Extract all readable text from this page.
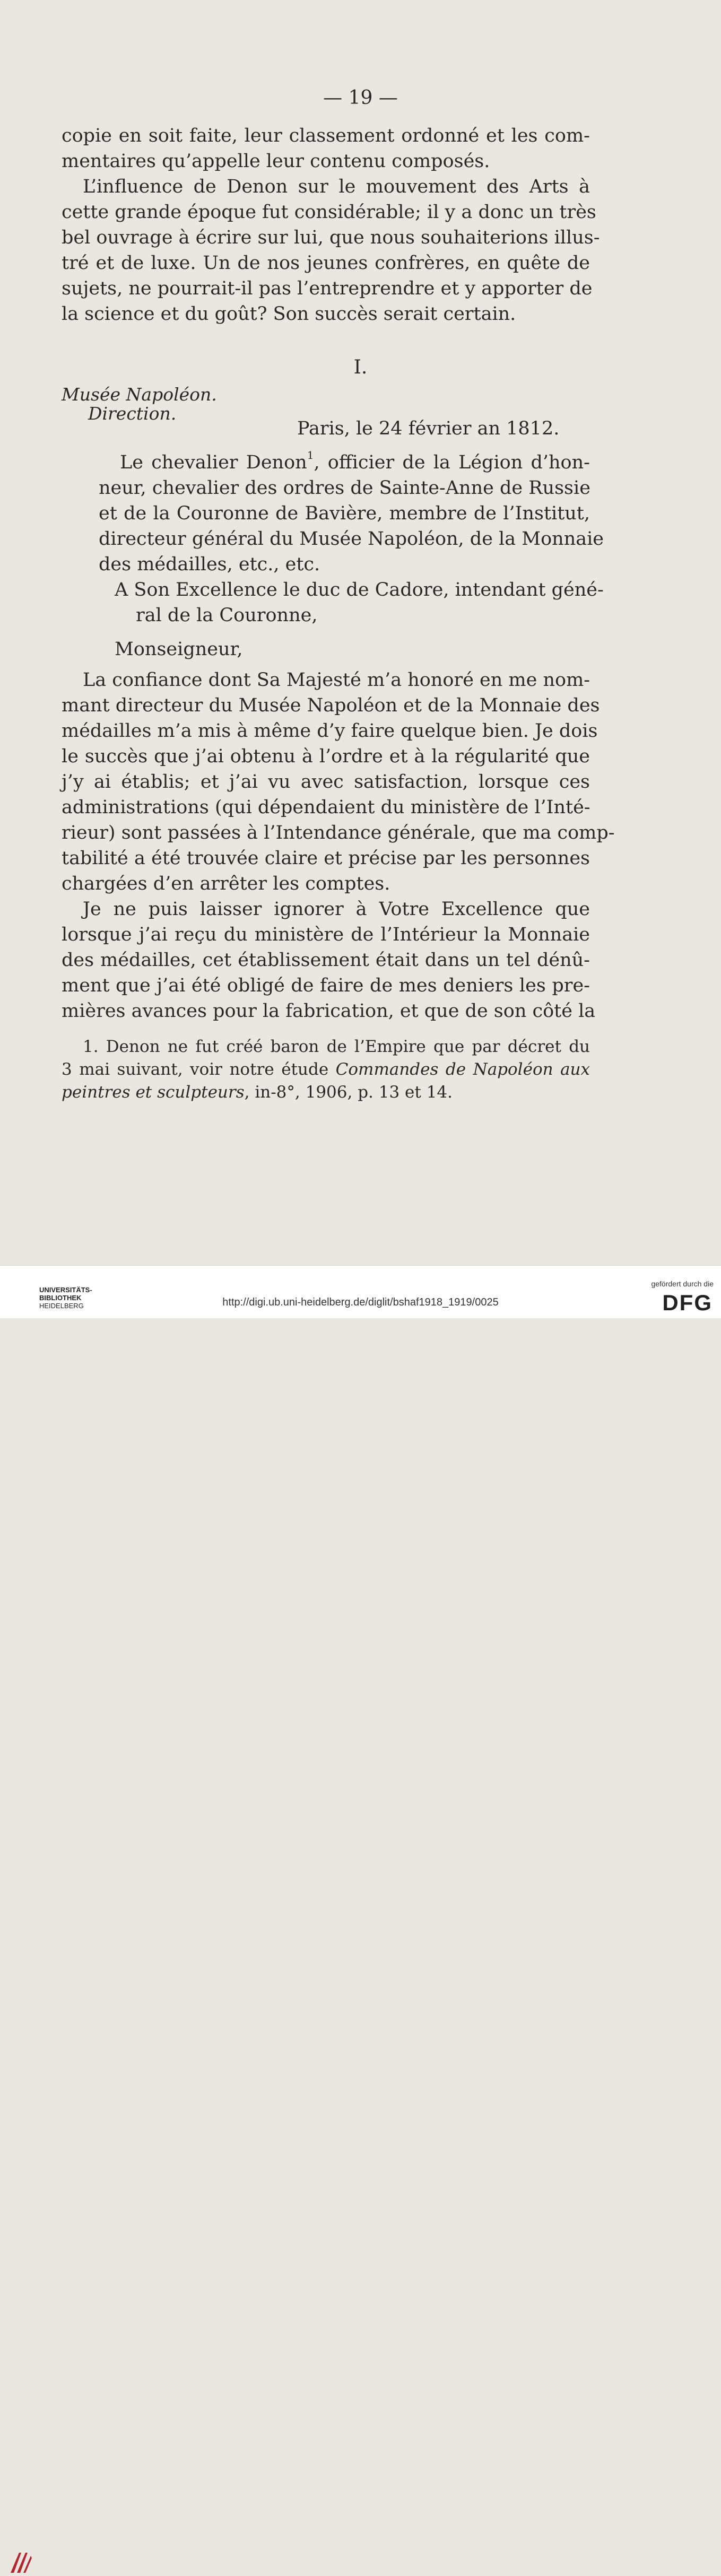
— 19 —
copie en soit faite, leur classement ordonné et les com-
mentaires qu’appelle leur contenu composés.
L’influence de Denon sur le mouvement des Arts à
cette grande époque fut considérable; il y a donc un très
bel ouvrage à écrire sur lui, que nous souhaiterions illus-
tré et de luxe. Un de nos jeunes confrères, en quête de
sujets, ne pourrait-il pas l’entreprendre et y apporter de
la science et du goût? Son succès serait certain.
I.
Musée Napoléon.
Direction.
Paris, le 24 février an 1812.
Le chevalier Denon$^1$, officier de la Légion d’hon-
neur, chevalier des ordres de Sainte-Anne de Russie
et de la Couronne de Bavière, membre de l’Institut,
directeur général du Musée Napoléon, de la Monnaie
des médailles, etc., etc.
A Son Excellence le duc de Cadore, intendant géné-
ral de la Couronne,
Monseigneur,
La confiance dont Sa Majesté m’a honoré en me nom-
mant directeur du Musée Napoléon et de la Monnaie des
médailles m’a mis à même d’y faire quelque bien. Je dois
le succès que j’ai obtenu à l’ordre et à la régularité que
j’y ai établis; et j’ai vu avec satisfaction, lorsque ces
administrations (qui dépendaient du ministère de l’Inté-
rieur) sont passées à l’Intendance générale, que ma comp-
tabilité a été trouvée claire et précise par les personnes
chargées d’en arrêter les comptes.
Je ne puis laisser ignorer à Votre Excellence que
lorsque j’ai reçu du ministère de l’Intérieur la Monnaie
des médailles, cet établissement était dans un tel dénû-
ment que j’ai été obligé de faire de mes deniers les pre-
mières avances pour la fabrication, et que de son côté la
1. Denon ne fut créé baron de l’Empire que par décret du
3 mai suivant, voir notre étude Commandes de Napoléon aux
peintres et sculpteurs, in-8°, 1906, p. 13 et 14.
UNIVERSITÄTS-
BIBLIOTHEK
HEIDELBERG	http://digi.ub.uni-heidelberg.de/diglit/bshaf1918_1919/0025
gefördert durch die
DFG
